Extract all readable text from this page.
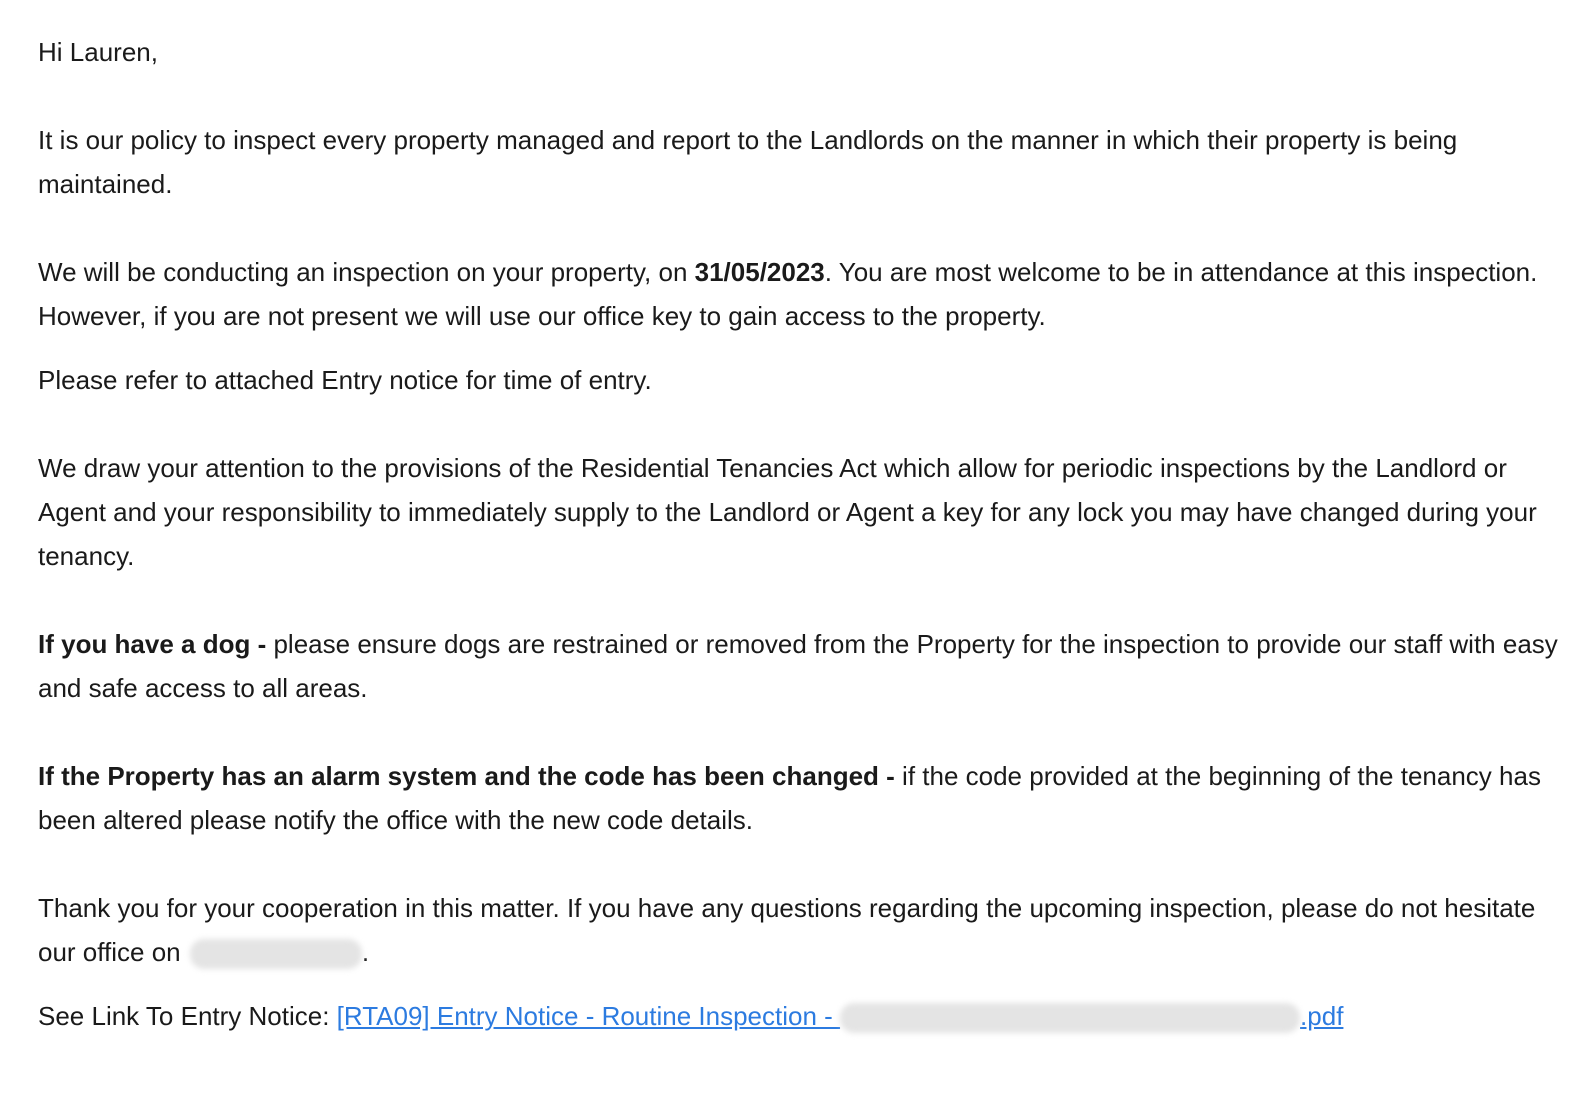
Hi Lauren,

It is our policy to inspect every property managed and report to the Landlords on the manner in which their property is being maintained.

We will be conducting an inspection on your property, on 31/05/2023. You are most welcome to be in attendance at this inspection. However, if you are not present we will use our office key to gain access to the property.

Please refer to attached Entry notice for time of entry.

We draw your attention to the provisions of the Residential Tenancies Act which allow for periodic inspections by the Landlord or Agent and your responsibility to immediately supply to the Landlord or Agent a key for any lock you may have changed during your tenancy.

If you have a dog - please ensure dogs are restrained or removed from the Property for the inspection to provide our staff with easy and safe access to all areas.

If the Property has an alarm system and the code has been changed - if the code provided at the beginning of the tenancy has been altered please notify the office with the new code details.

Thank you for your cooperation in this matter. If you have any questions regarding the upcoming inspection, please do not hesitate our office on	.

See Link To Entry Notice: [RTA09] Entry Notice - Routine Inspection -	.pdf
